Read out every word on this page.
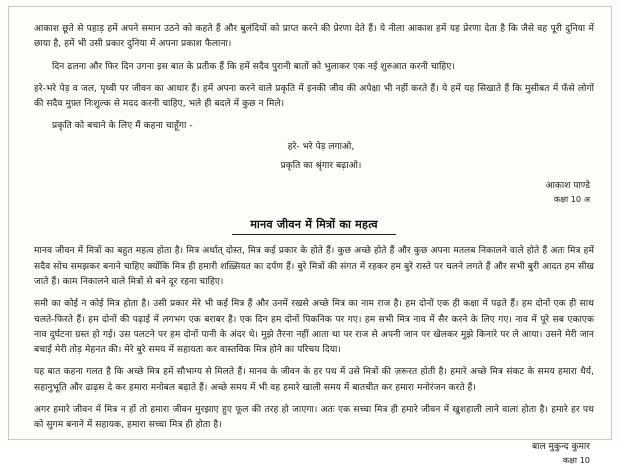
आकाश छूते से पहाड़ हमें अपने समान उठने को कहते हैं और बुलंदियों को प्राप्त करने की प्रेरणा देते हैं। ये नीला आकाश हमें यह प्रेरणा देता है कि जैसे वह पूरी दुनिया में छाया है, हमें भी उसी प्रकार दुनिया में अपना प्रकाश फैलाना।

दिन ढलना और फिर दिन उगना इस बात के प्रतीक हैं कि हमें सदैव पुरानी बातों को भुलाकर एक नई शुरुआत करनी चाहिए।

हरे-भरे पेड़ व जल, पृथ्वी पर जीवन का आधार हैं। हमें अपना करने वाले प्रकृति में इनकी जीव की अपेक्षा भी नहीं करते हैं। ये हमें यह सिखाते हैं कि मुसीबत में फँसे लोगों की सदैव मुफ़्त निःशुल्क से मदद करनी चाहिए, भले ही बदले में कुछ न मिले।

प्रकृति को बचाने के लिए मैं कहना चाहूँगा -

हरे- भरे पेड़ लगाओ,
प्रकृति का श्रृंगार बढ़ाओ।
आकाश पाण्डे
कक्षा 10 अ
मानव जीवन में मित्रों का महत्व

मानव जीवन में मित्रों का बहुत महत्व होता है। मित्र अर्थात् दोस्त, मित्र कई प्रकार के होते हैं। कुछ अच्छे होते हैं और कुछ अपना मतलब निकालने वाले होते हैं अतः मित्र हमें सदैव सोच समझकर बनाने चाहिए क्योंकि मित्र ही हमारी शख़्सियत का दर्पण हैं। बुरे मित्रों की संगत में रहकर हम बुरे रास्ते पर चलने लगते हैं और सभी बुरी आदत हम सीख जाते हैं। काम निकालने वाले मित्रों से बने दूर रहना चाहिए।

समी का कोई न कोई मित्र होता है। उसी प्रकार मेरे भी कई मित्र हैं और उनमें रखसे अच्छे मित्र का नाम राज है। हम दोनों एक ही कक्षा में पढ़ते हैं। हम दोनों एक ही साथ चलते-फिरते हैं। हम दोनों की पढ़ाई में लगभग एक बराबर है। एक दिन हम दोनों पिकनिक पर गए। हम सभी मित्र नाव में सैर करने के लिए गए। नाव में पूरे सब एकाएक नाव दुर्घटना ग्रस्त हो गई। उस पलटने पर हम दोनों पानी के अंदर थे। मुझे तैरना नहीं आता था पर राज से अपनी जान पर खेलकर मुझे किनारे पर ले आया। उसने मेरी जान बचाई मेरी तोड़ मेहनत की। मेरे बुरे समय में सहायता कर वास्तविक मित्र होने का परिचय दिया।

यह बात कहना गलत है कि अच्छे मित्र हमें सौभाग्य से मिलते हैं। मानव के जीवन के हर पथ में उसे मित्रों की ज़रूरत होती है। हमारे अच्छे मित्र संकट के समय हमारा धैर्य, सहानुभूति और ढाढ़स दे कर हमारा मनोबल बढ़ाते हैं। अच्छे समय में भी वह हमारे खाली समय में बातचीत कर हमारा मनोरंजन करते हैं।

अगर हमारे जीवन में मित्र न हों तो हमारा जीवन मुरझाए हुए फूल की तरह हो जाएगा। अतः एक सच्चा मित्र ही हमारे जीवन में खुशहाली लाने वाला होता है। हमारे हर पथ को सुगम बनाने में सहायक, हमारा सच्चा मित्र ही होता है।

बाल मुकुन्द कुमार
कक्षा 10
